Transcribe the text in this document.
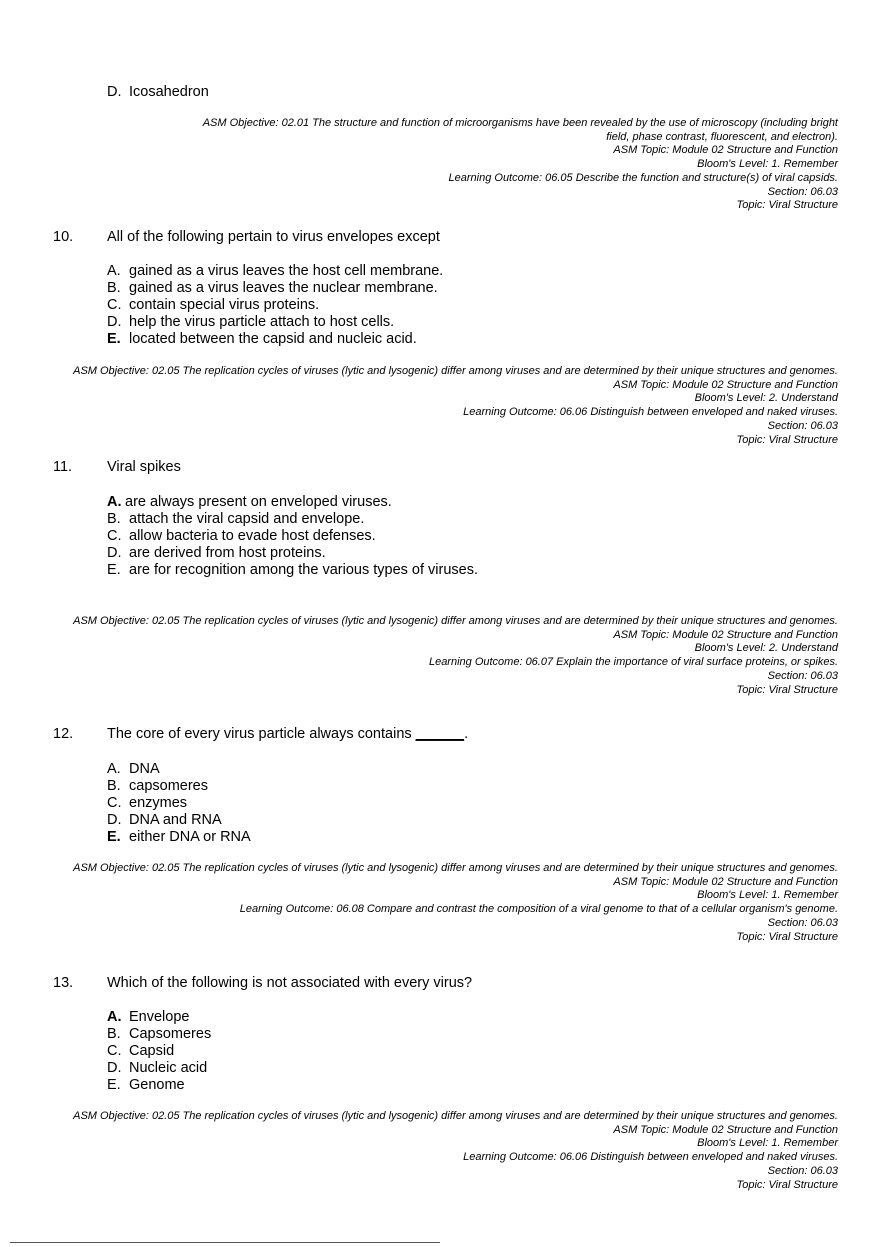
D. Icosahedron
ASM Objective: 02.01 The structure and function of microorganisms have been revealed by the use of microscopy (including bright field, phase contrast, fluorescent, and electron).
ASM Topic: Module 02 Structure and Function
Bloom's Level: 1. Remember
Learning Outcome: 06.05 Describe the function and structure(s) of viral capsids.
Section: 06.03
Topic: Viral Structure
10. All of the following pertain to virus envelopes except
A. gained as a virus leaves the host cell membrane.
B. gained as a virus leaves the nuclear membrane.
C. contain special virus proteins.
D. help the virus particle attach to host cells.
E. located between the capsid and nucleic acid.
ASM Objective: 02.05 The replication cycles of viruses (lytic and lysogenic) differ among viruses and are determined by their unique structures and genomes.
ASM Topic: Module 02 Structure and Function
Bloom's Level: 2. Understand
Learning Outcome: 06.06 Distinguish between enveloped and naked viruses.
Section: 06.03
Topic: Viral Structure
11. Viral spikes
A. are always present on enveloped viruses.
B. attach the viral capsid and envelope.
C. allow bacteria to evade host defenses.
D. are derived from host proteins.
E. are for recognition among the various types of viruses.
ASM Objective: 02.05 The replication cycles of viruses (lytic and lysogenic) differ among viruses and are determined by their unique structures and genomes.
ASM Topic: Module 02 Structure and Function
Bloom's Level: 2. Understand
Learning Outcome: 06.07 Explain the importance of viral surface proteins, or spikes.
Section: 06.03
Topic: Viral Structure
12. The core of every virus particle always contains ______.
A. DNA
B. capsomeres
C. enzymes
D. DNA and RNA
E. either DNA or RNA
ASM Objective: 02.05 The replication cycles of viruses (lytic and lysogenic) differ among viruses and are determined by their unique structures and genomes.
ASM Topic: Module 02 Structure and Function
Bloom's Level: 1. Remember
Learning Outcome: 06.08 Compare and contrast the composition of a viral genome to that of a cellular organism's genome.
Section: 06.03
Topic: Viral Structure
13. Which of the following is not associated with every virus?
A. Envelope
B. Capsomeres
C. Capsid
D. Nucleic acid
E. Genome
ASM Objective: 02.05 The replication cycles of viruses (lytic and lysogenic) differ among viruses and are determined by their unique structures and genomes.
ASM Topic: Module 02 Structure and Function
Bloom's Level: 1. Remember
Learning Outcome: 06.06 Distinguish between enveloped and naked viruses.
Section: 06.03
Topic: Viral Structure
